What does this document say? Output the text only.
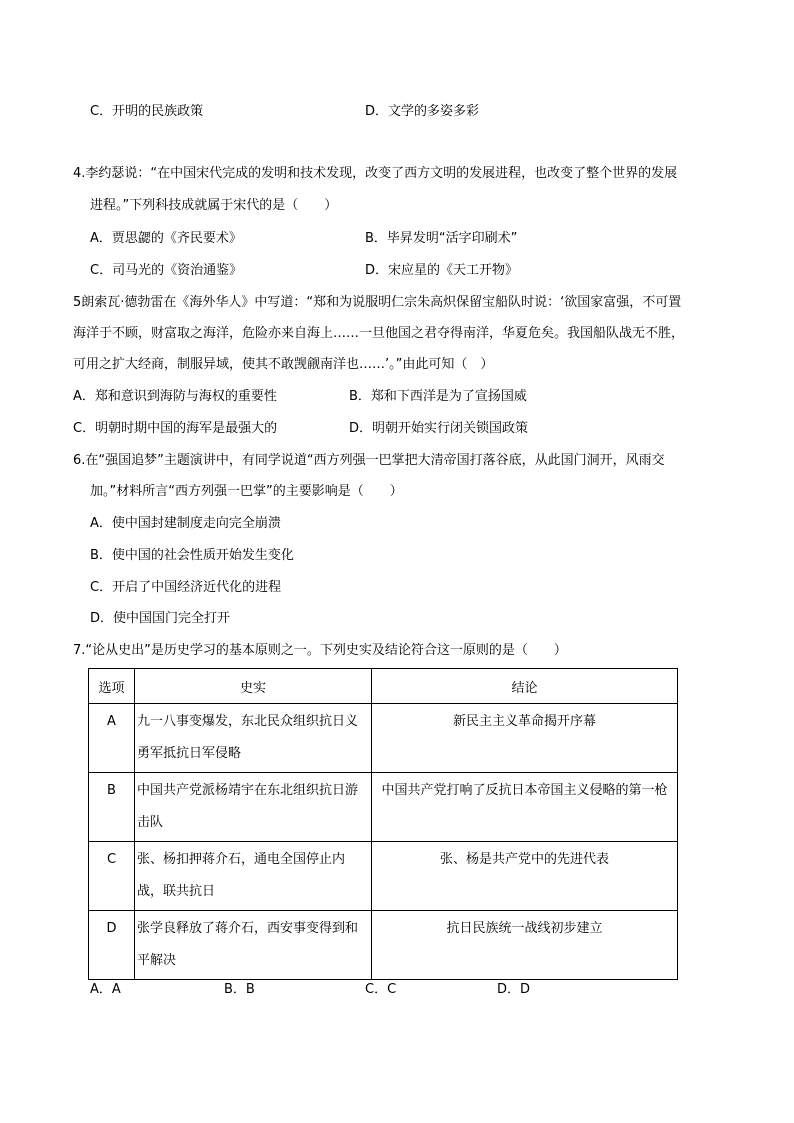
C． 开明的民族政策	D． 文学的多姿多彩
4.李约瑟说：“在中国宋代完成的发明和技术发现，改变了西方文明的发展进程，也改变了整个世界的发展
进程。”下列科技成就属于宋代的是（　　）
A． 贾思勰的《齐民要术》	B． 毕昇发明“活字印刷术”
C． 司马光的《资治通鉴》	D． 宋应星的《天工开物》
5朗索瓦·德勃雷在《海外华人》中写道：“郑和为说服明仁宗朱高炽保留宝船队时说：‘欲国家富强，不可置
海洋于不顾，财富取之海洋，危险亦来自海上……一旦他国之君夺得南洋，华夏危矣。我国船队战无不胜，
可用之扩大经商，制服异域，使其不敢觊觎南洋也……’。”由此可知（　）
A． 郑和意识到海防与海权的重要性	B． 郑和下西洋是为了宣扬国威
C． 明朝时期中国的海军是最强大的	D． 明朝开始实行闭关锁国政策
6.在“强国追梦”主题演讲中，有同学说道“西方列强一巴掌把大清帝国打落谷底，从此国门洞开，风雨交
加。”材料所言“西方列强一巴掌”的主要影响是（　　）
A． 使中国封建制度走向完全崩溃
B． 使中国的社会性质开始发生变化
C． 开启了中国经济近代化的进程
D． 使中国国门完全打开
7.“论从史出”是历史学习的基本原则之一。下列史实及结论符合这一原则的是（　　）
选项	史实	结论
A	九一八事变爆发，东北民众组织抗日义勇军抵抗日军侵略	新民主主义革命揭开序幕
B	中国共产党派杨靖宇在东北组织抗日游击队	中国共产党打响了反抗日本帝国主义侵略的第一枪
C	张、杨扣押蒋介石，通电全国停止内战，联共抗日	张、杨是共产党中的先进代表
D	张学良释放了蒋介石，西安事变得到和平解决	抗日民族统一战线初步建立
A． A	B． B	C． C	D． D
